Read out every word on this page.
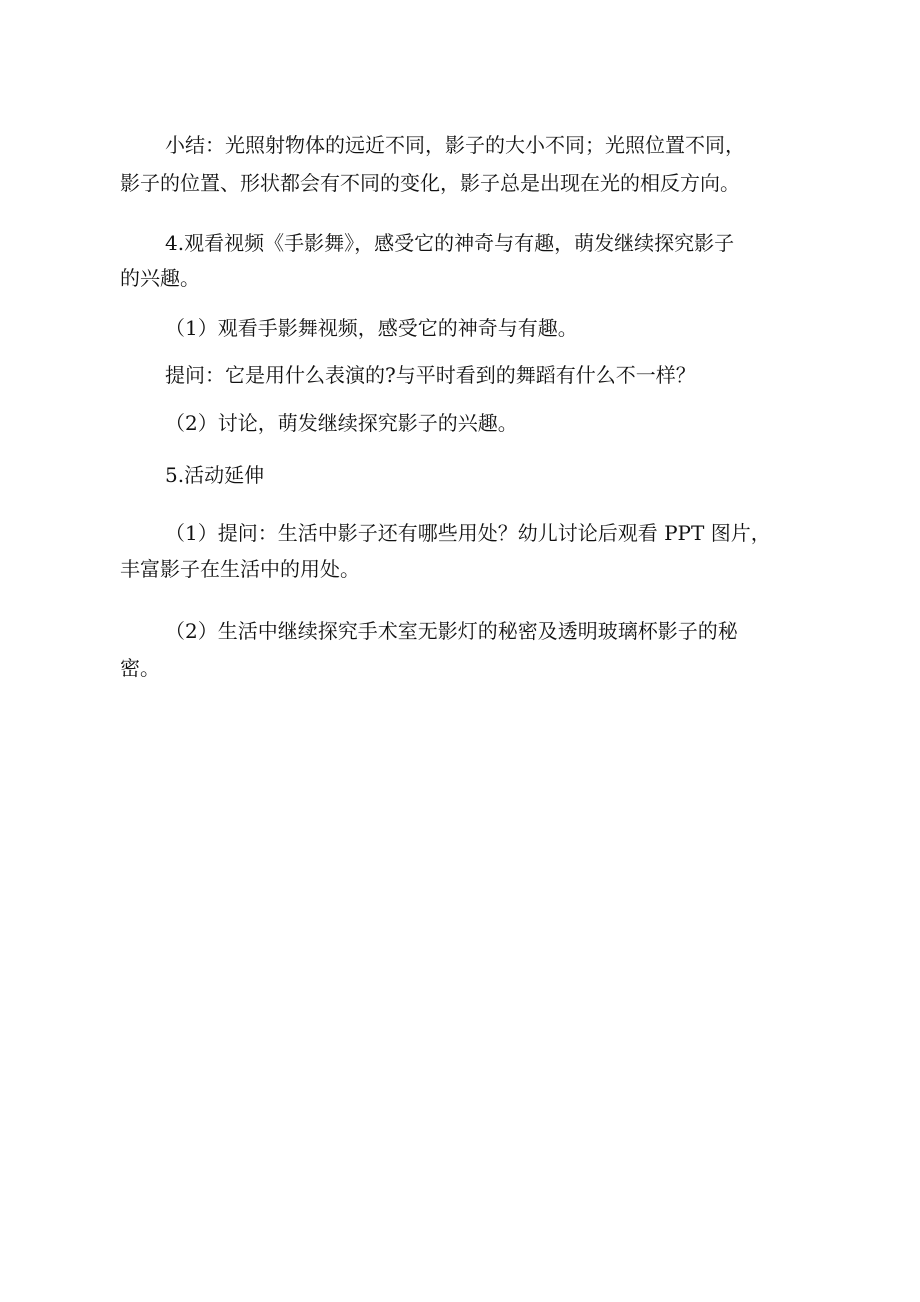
小结：光照射物体的远近不同，影子的大小不同；光照位置不同，
影子的位置、形状都会有不同的变化，影子总是出现在光的相反方向。
4.观看视频《手影舞》，感受它的神奇与有趣，萌发继续探究影子
的兴趣。
（1）观看手影舞视频，感受它的神奇与有趣。
提问：它是用什么表演的?与平时看到的舞蹈有什么不一样？
（2）讨论，萌发继续探究影子的兴趣。
5.活动延伸
（1）提问：生活中影子还有哪些用处？幼儿讨论后观看 PPT 图片，
丰富影子在生活中的用处。
（2）生活中继续探究手术室无影灯的秘密及透明玻璃杯影子的秘
密。
